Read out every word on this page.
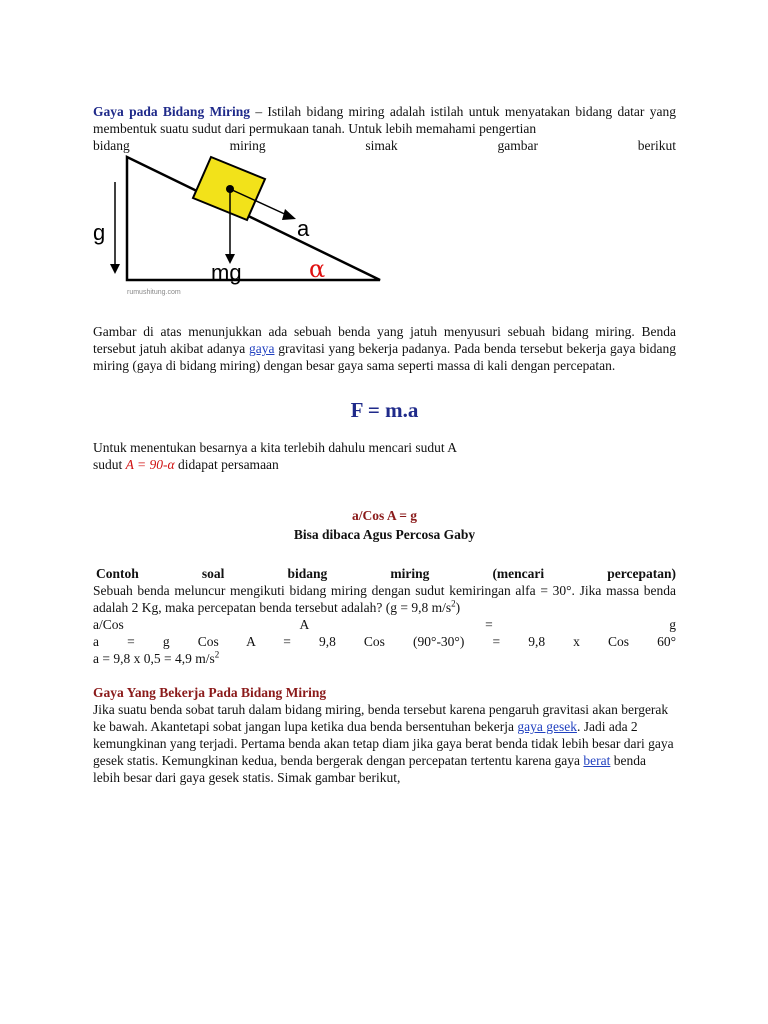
Gaya pada Bidang Miring – Istilah bidang miring adalah istilah untuk menyatakan bidang datar yang membentuk suatu sudut dari permukaan tanah. Untuk lebih memahami pengertian

bidang	miring	simak	gambar	berikut

g	a
mg	α
rumushitung.com

Gambar di atas menunjukkan ada sebuah benda yang jatuh menyusuri sebuah bidang miring. Benda tersebut jatuh akibat adanya gaya gravitasi yang bekerja padanya. Pada benda tersebut bekerja gaya bidang miring (gaya di bidang miring) dengan besar gaya sama seperti massa di kali dengan percepatan.

F = m.a

Untuk menentukan besarnya a kita terlebih dahulu mencari sudut A

sudut A = 90-α didapat persamaan

a/Cos A = g

Bisa dibaca Agus Percosa Gaby

Contoh	soal	bidang	miring	(mencari	percepatan)

Sebuah benda meluncur mengikuti bidang miring dengan sudut kemiringan alfa = 30°. Jika massa benda adalah 2 Kg, maka percepatan benda tersebut adalah? (g = 9,8 $m/s^2$)

a/Cos	A	=	g

a = g Cos A = 9,8 Cos (90°-30°) = 9,8 x Cos 60°

a = 9,8 x 0,5 = 4,9 $m/s^2$

Gaya Yang Bekerja Pada Bidang Miring

Jika suatu benda sobat taruh dalam bidang miring, benda tersebut karena pengaruh gravitasi akan bergerak ke bawah. Akantetapi sobat jangan lupa ketika dua benda bersentuhan bekerja gaya gesek. Jadi ada 2 kemungkinan yang terjadi. Pertama benda akan tetap diam jika gaya berat benda tidak lebih besar dari gaya gesek statis. Kemungkinan kedua, benda bergerak dengan percepatan tertentu karena gaya berat benda lebih besar dari gaya gesek statis. Simak gambar berikut,
